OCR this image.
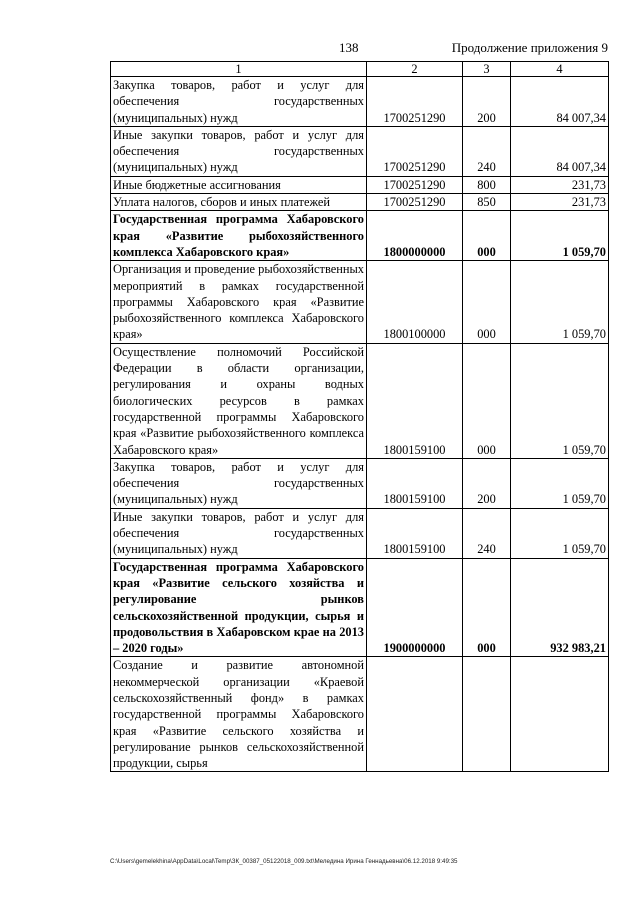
138	Продолжение приложения 9
1	2	3	4
Закупка товаров, работ и услуг для обеспечения государственных (муниципальных) нужд	1700251290	200	84 007,34
Иные закупки товаров, работ и услуг для обеспечения государственных (муниципальных) нужд	1700251290	240	84 007,34
Иные бюджетные ассигнования	1700251290	800	231,73
Уплата налогов, сборов и иных платежей	1700251290	850	231,73
Государственная программа Хабаровского края «Развитие рыбохозяйственного комплекса Хабаровского края»	1800000000	000	1 059,70
Организация и проведение рыбохозяйственных мероприятий в рамках государственной программы Хабаровского края «Развитие рыбохозяйственного комплекса Хабаровского края»	1800100000	000	1 059,70
Осуществление полномочий Российской Федерации в области организации, регулирования и охраны водных биологических ресурсов в рамках государственной программы Хабаровского края «Развитие рыбохозяйственного комплекса Хабаровского края»	1800159100	000	1 059,70
Закупка товаров, работ и услуг для обеспечения государственных (муниципальных) нужд	1800159100	200	1 059,70
Иные закупки товаров, работ и услуг для обеспечения государственных (муниципальных) нужд	1800159100	240	1 059,70
Государственная программа Хабаровского края «Развитие сельского хозяйства и регулирование рынков сельскохозяйственной продукции, сырья и продовольствия в Хабаровском крае на 2013 – 2020 годы»	1900000000	000	932 983,21
Создание и развитие автономной некоммерческой организации «Краевой сельскохозяйственный фонд» в рамках государственной программы Хабаровского края «Развитие сельского хозяйства и регулирование рынков сельскохозяйственной продукции, сырья			
C:\Users\gemelekhina\AppData\Local\Temp\ЗК_00387_05122018_009.txt\Меледина Ирина Геннадьевна\06.12.2018 9:49:35
